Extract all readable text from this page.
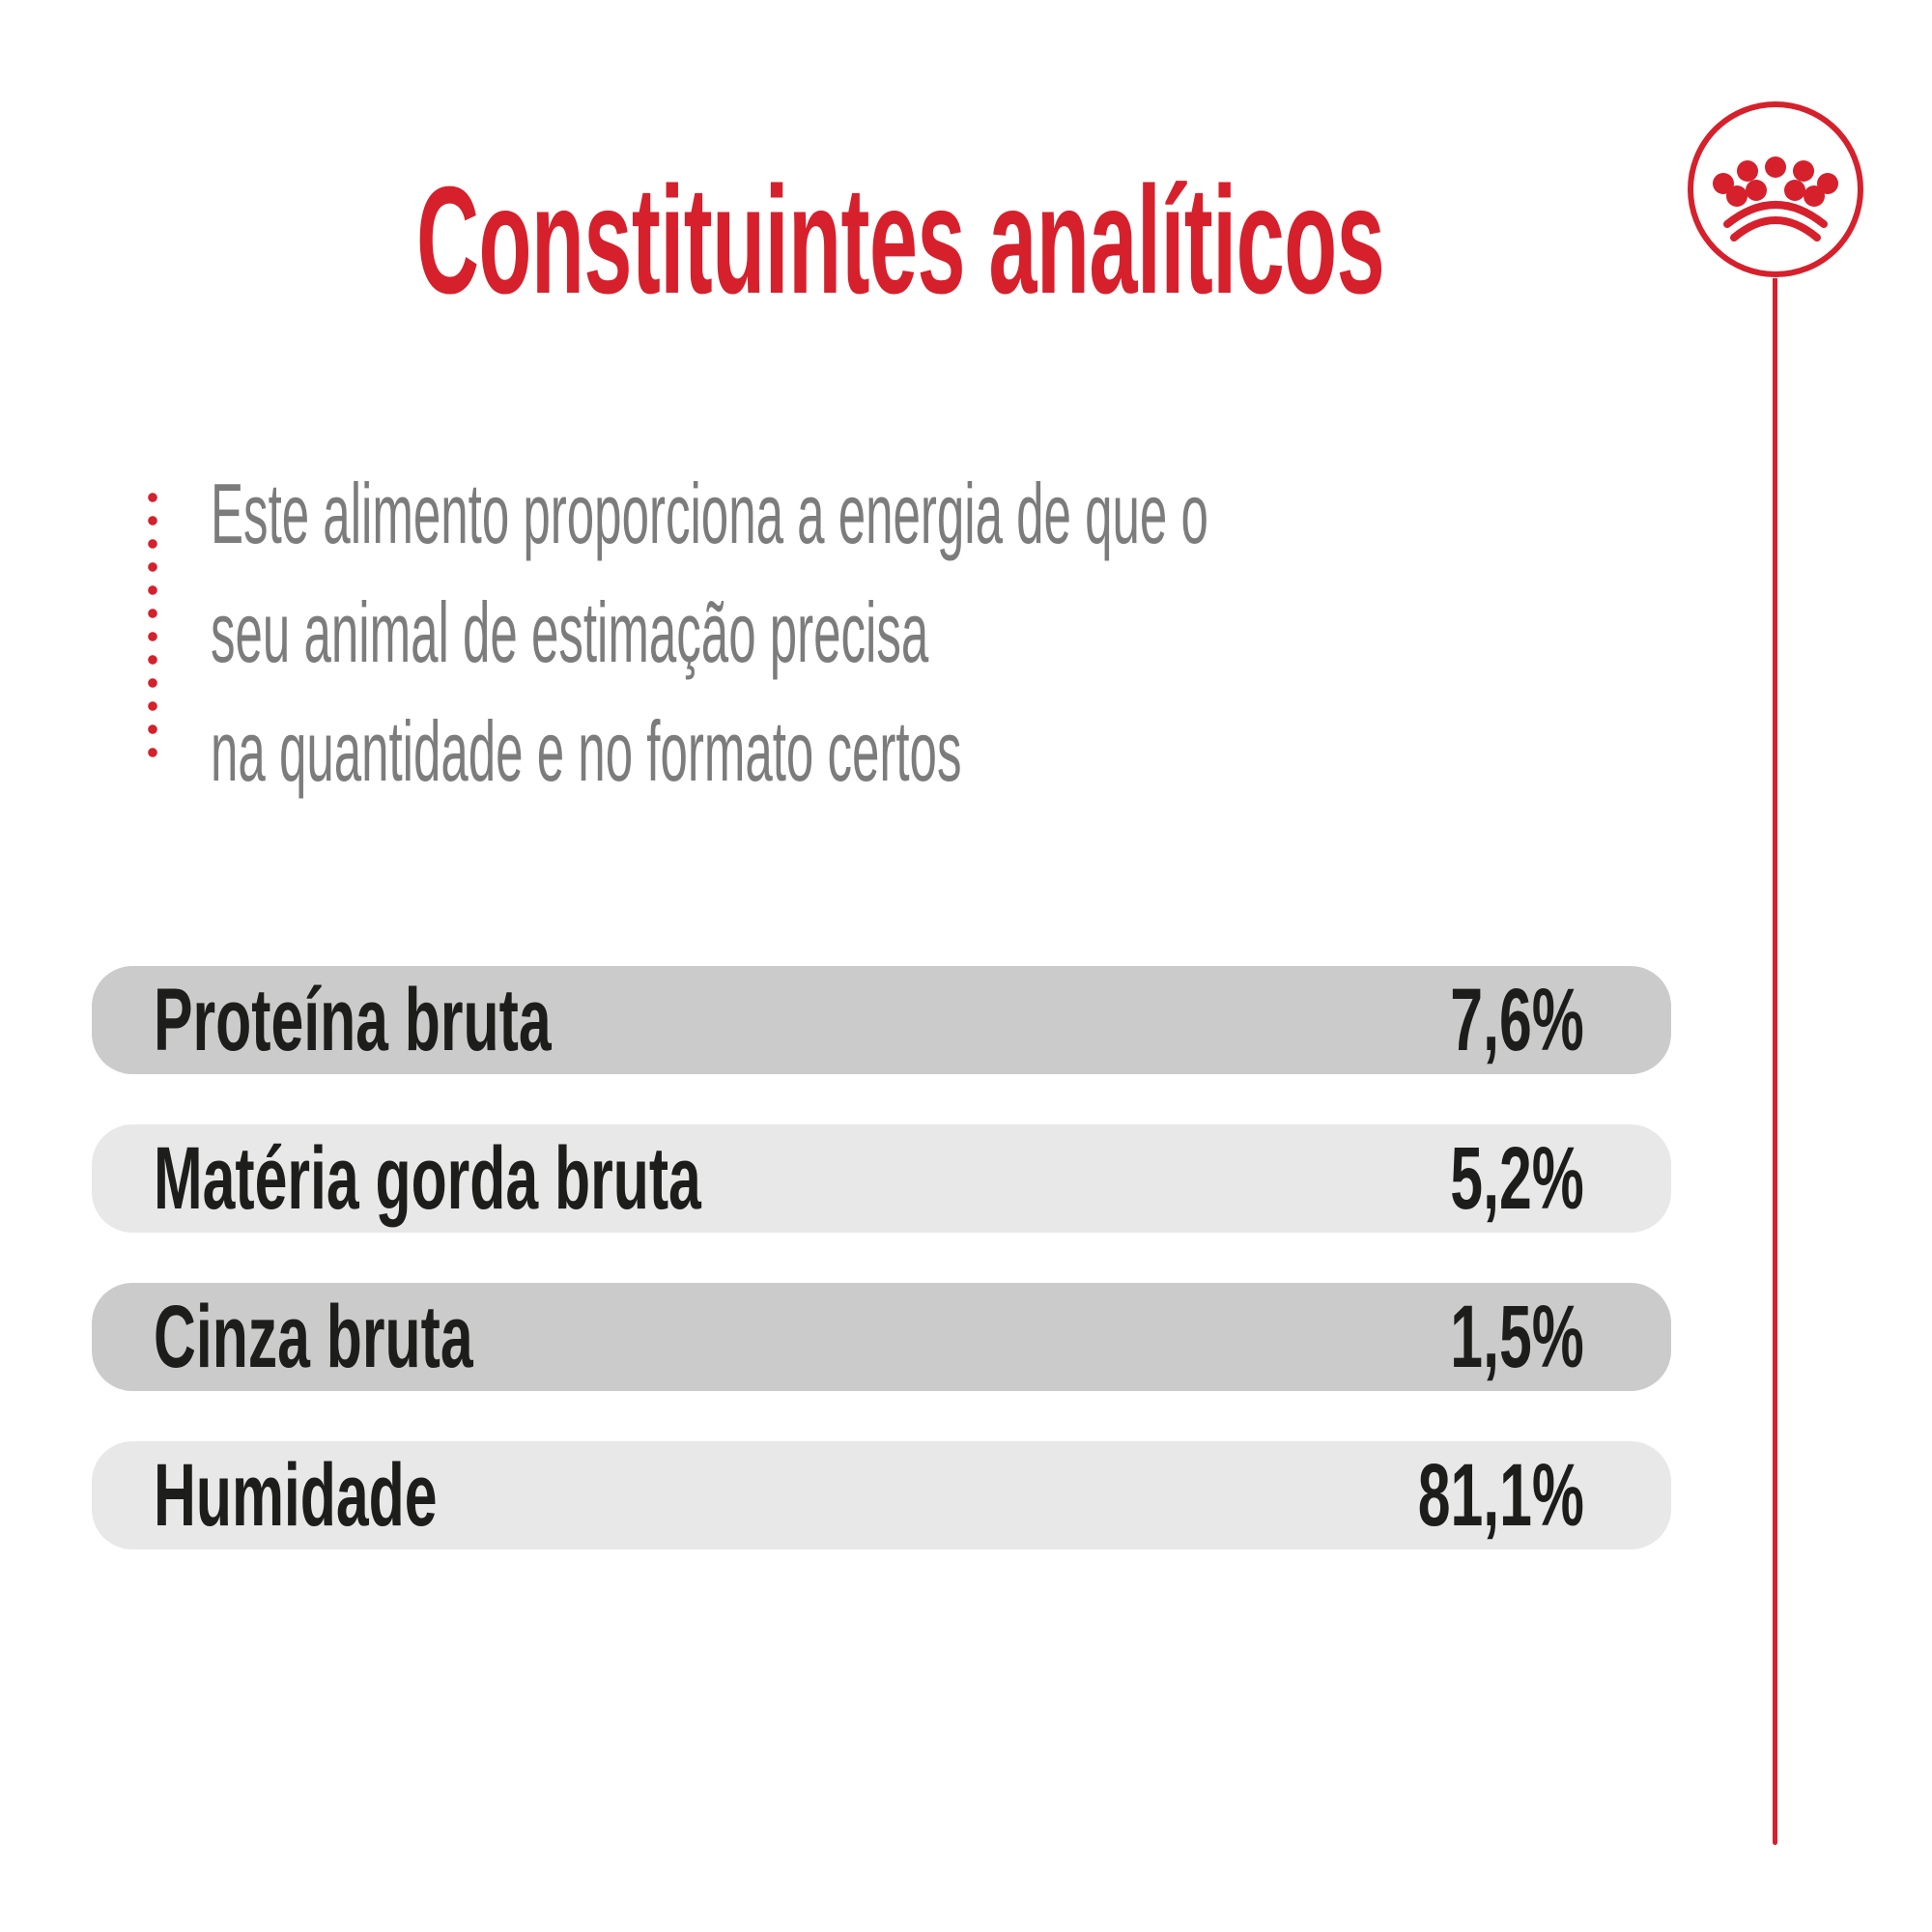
Constituintes analíticos
Este alimento proporciona a energia de que o
seu animal de estimação precisa
na quantidade e no formato certos
Proteína bruta	7,6%
Matéria gorda bruta	5,2%
Cinza bruta	1,5%
Humidade	81,1%
